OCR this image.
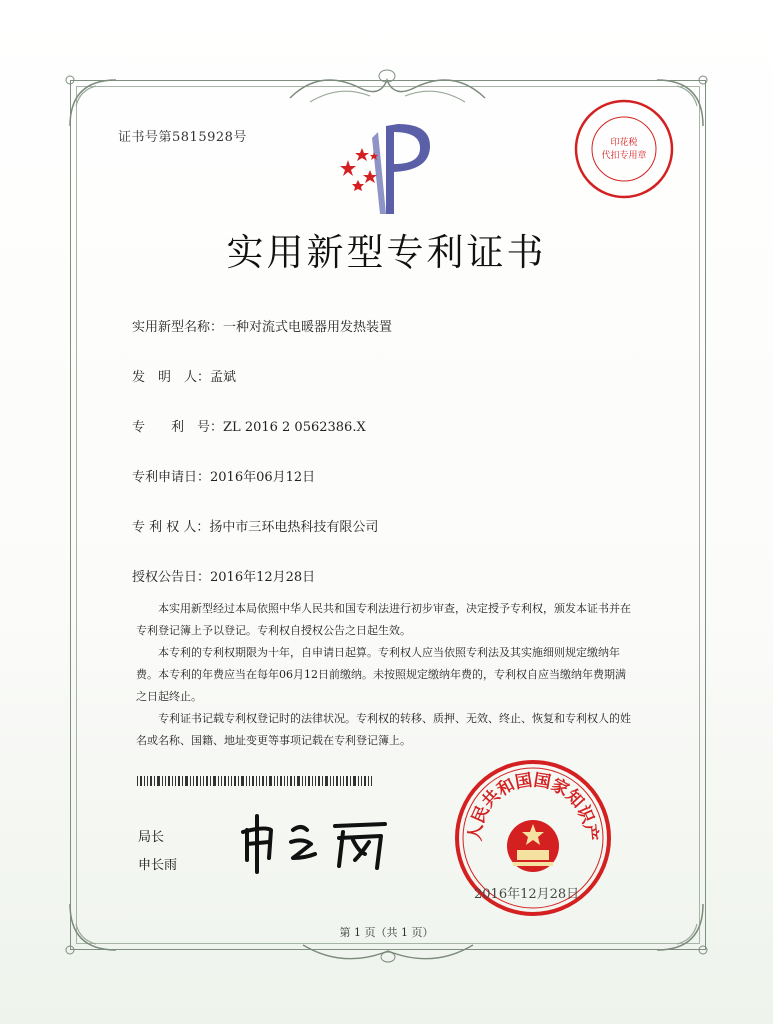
证书号第5815928号	印花税
代扣专用章
实用新型专利证书
实用新型名称：一种对流式电暖器用发热装置
发　明　人：孟斌
专　　利　号：ZL 2016 2 0562386.X
专利申请日：2016年06月12日
专 利 权 人：扬中市三环电热科技有限公司
授权公告日：2016年12月28日

本实用新型经过本局依照中华人民共和国专利法进行初步审查，决定授予专利权，颁发本证书并在专利登记簿上予以登记。专利权自授权公告之日起生效。

本专利的专利权期限为十年，自申请日起算。专利权人应当依照专利法及其实施细则规定缴纳年费。本专利的年费应当在每年06月12日前缴纳。未按照规定缴纳年费的，专利权自应当缴纳年费期满之日起终止。

专利证书记载专利权登记时的法律状况。专利权的转移、质押、无效、终止、恢复和专利权人的姓名或名称、国籍、地址变更等事项记载在专利登记簿上。

局长
申长雨
人民共和国国家知识产
2016年12月28日
第 1 页（共 1 页）
